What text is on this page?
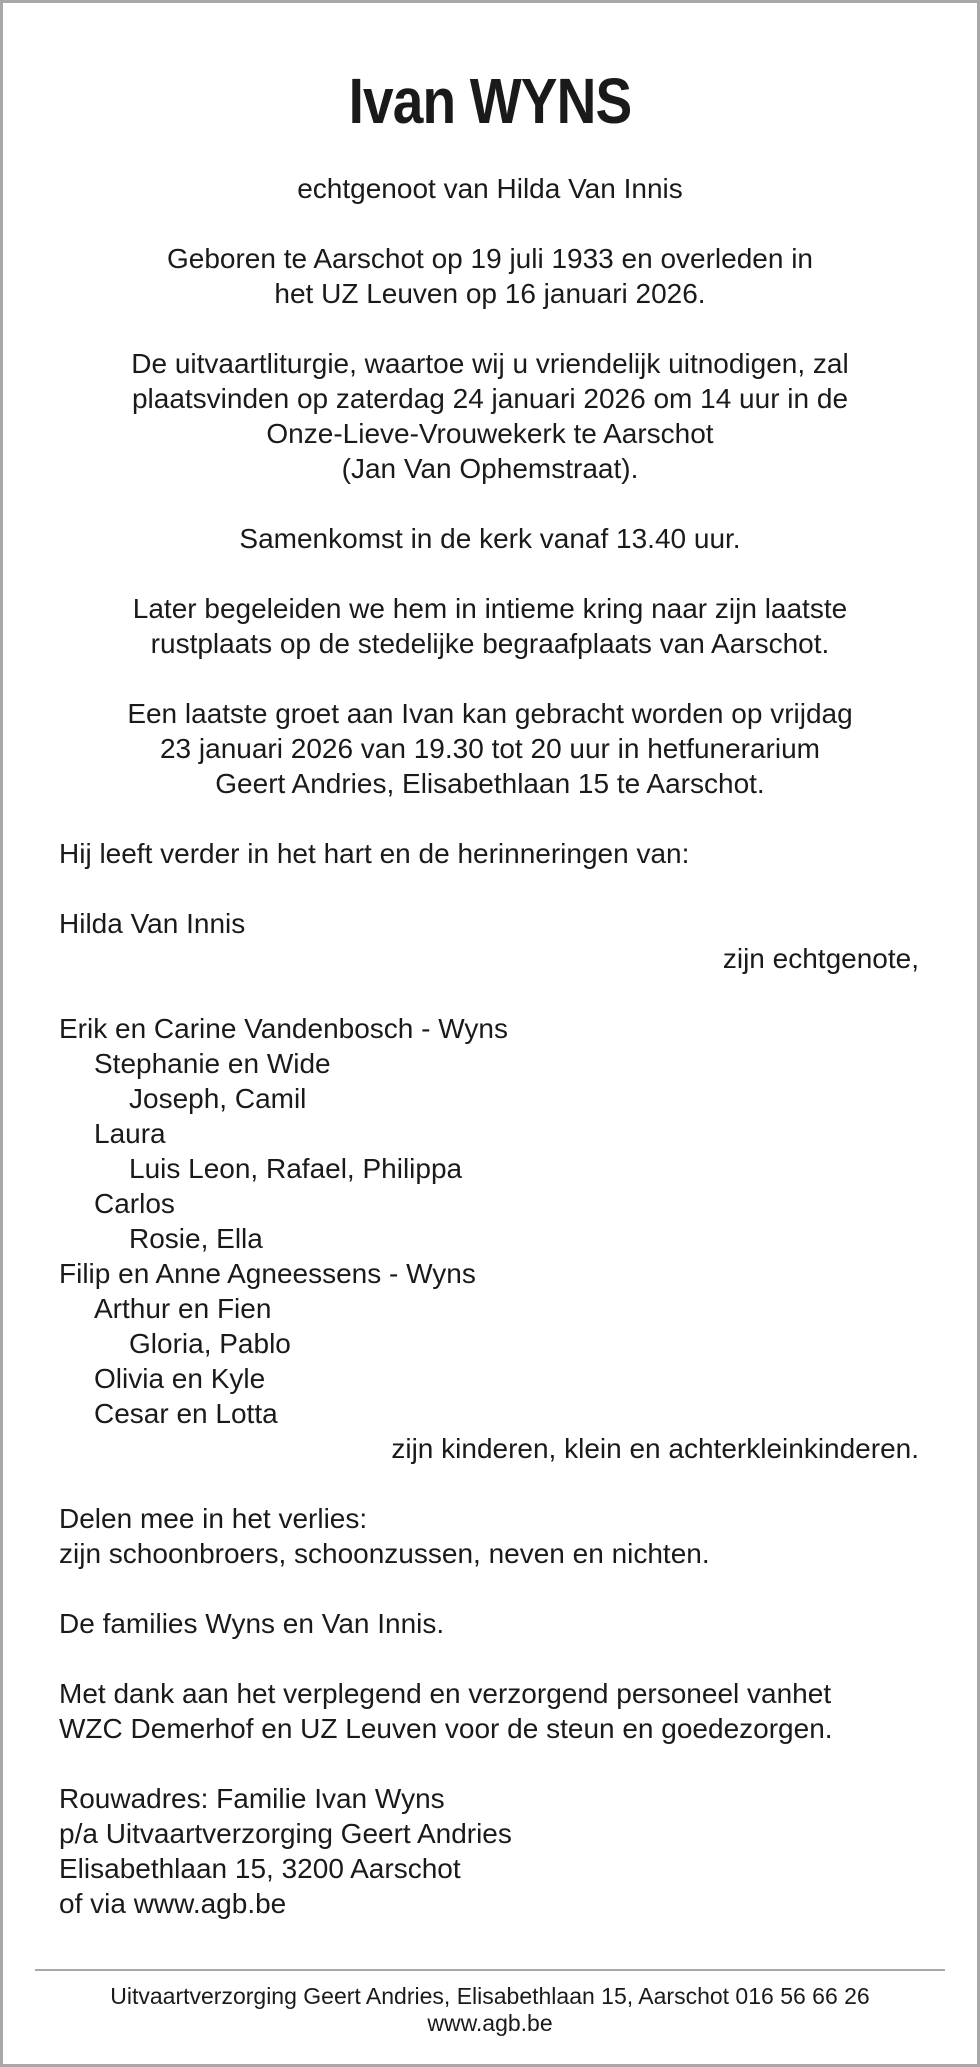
Ivan WYNS

echtgenoot van Hilda Van Innis

Geboren te Aarschot op 19 juli 1933 en overleden in
het UZ Leuven op 16 januari 2026.

De uitvaartliturgie, waartoe wij u vriendelijk uitnodigen, zal
plaatsvinden op zaterdag 24 januari 2026 om 14 uur in de
Onze-Lieve-Vrouwekerk te Aarschot
(Jan Van Ophemstraat).

Samenkomst in de kerk vanaf 13.40 uur.

Later begeleiden we hem in intieme kring naar zijn laatste
rustplaats op de stedelijke begraafplaats van Aarschot.

Een laatste groet aan Ivan kan gebracht worden op vrijdag
23 januari 2026 van 19.30 tot 20 uur in hetfunerarium
Geert Andries, Elisabethlaan 15 te Aarschot.

Hij leeft verder in het hart en de herinneringen van:

Hilda Van Innis
zijn echtgenote,
Erik en Carine Vandenbosch - Wyns
Stephanie en Wide
Joseph, Camil
Laura
Luis Leon, Rafael, Philippa
Carlos
Rosie, Ella
Filip en Anne Agneessens - Wyns
Arthur en Fien
Gloria, Pablo
Olivia en Kyle
Cesar en Lotta
zijn kinderen, klein en achterkleinkinderen.

Delen mee in het verlies:
zijn schoonbroers, schoonzussen, neven en nichten.

De families Wyns en Van Innis.

Met dank aan het verplegend en verzorgend personeel vanhet
WZC Demerhof en UZ Leuven voor de steun en goedezorgen.

Rouwadres: Familie Ivan Wyns
p/a Uitvaartverzorging Geert Andries
Elisabethlaan 15, 3200 Aarschot
of via www.agb.be

Uitvaartverzorging Geert Andries, Elisabethlaan 15, Aarschot 016 56 66 26
www.agb.be
